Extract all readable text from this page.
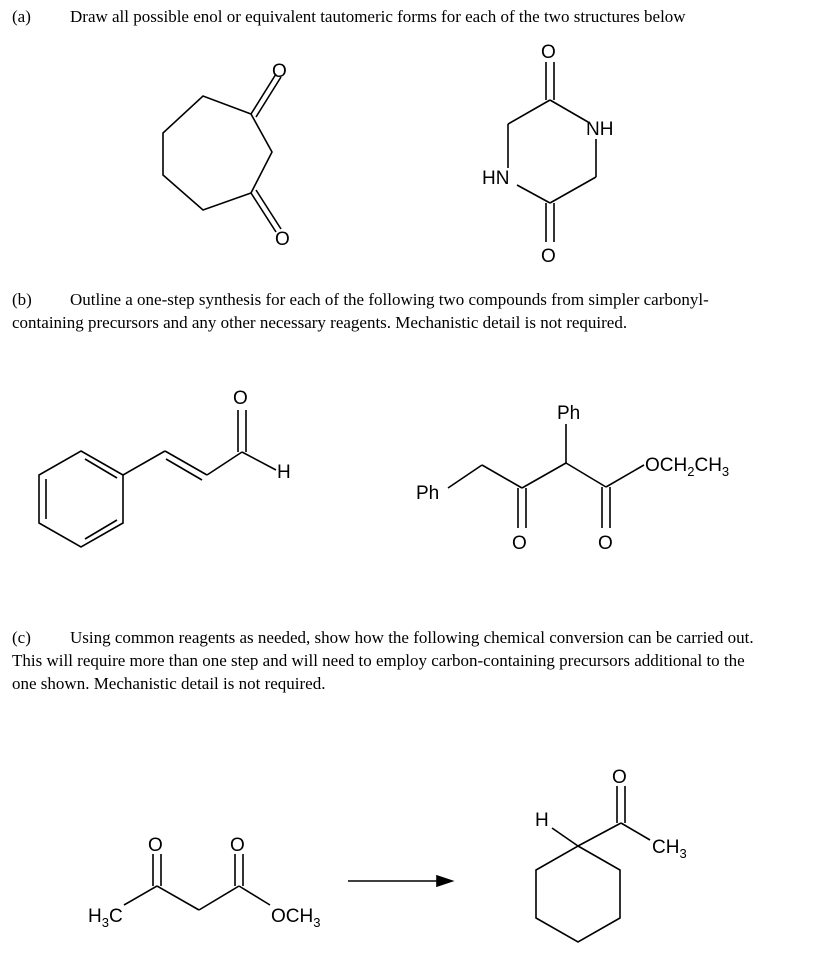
(a) Draw all possible enol or equivalent tautomeric forms for each of the two structures below

(b) Outline a one-step synthesis for each of the following two compounds from simpler carbonyl-containing precursors and any other necessary reagents. Mechanistic detail is not required.

(c) Using common reagents as needed, show how the following chemical conversion can be carried out. This will require more than one step and will need to employ carbon-containing precursors additional to the one shown. Mechanistic detail is not required.

O
O
O
O
NH
HN
O
H
Ph
Ph
O	O
$OCH_2CH_3$
O	O
$H_3C$	$OCH_3$
O
H
$CH_3$
